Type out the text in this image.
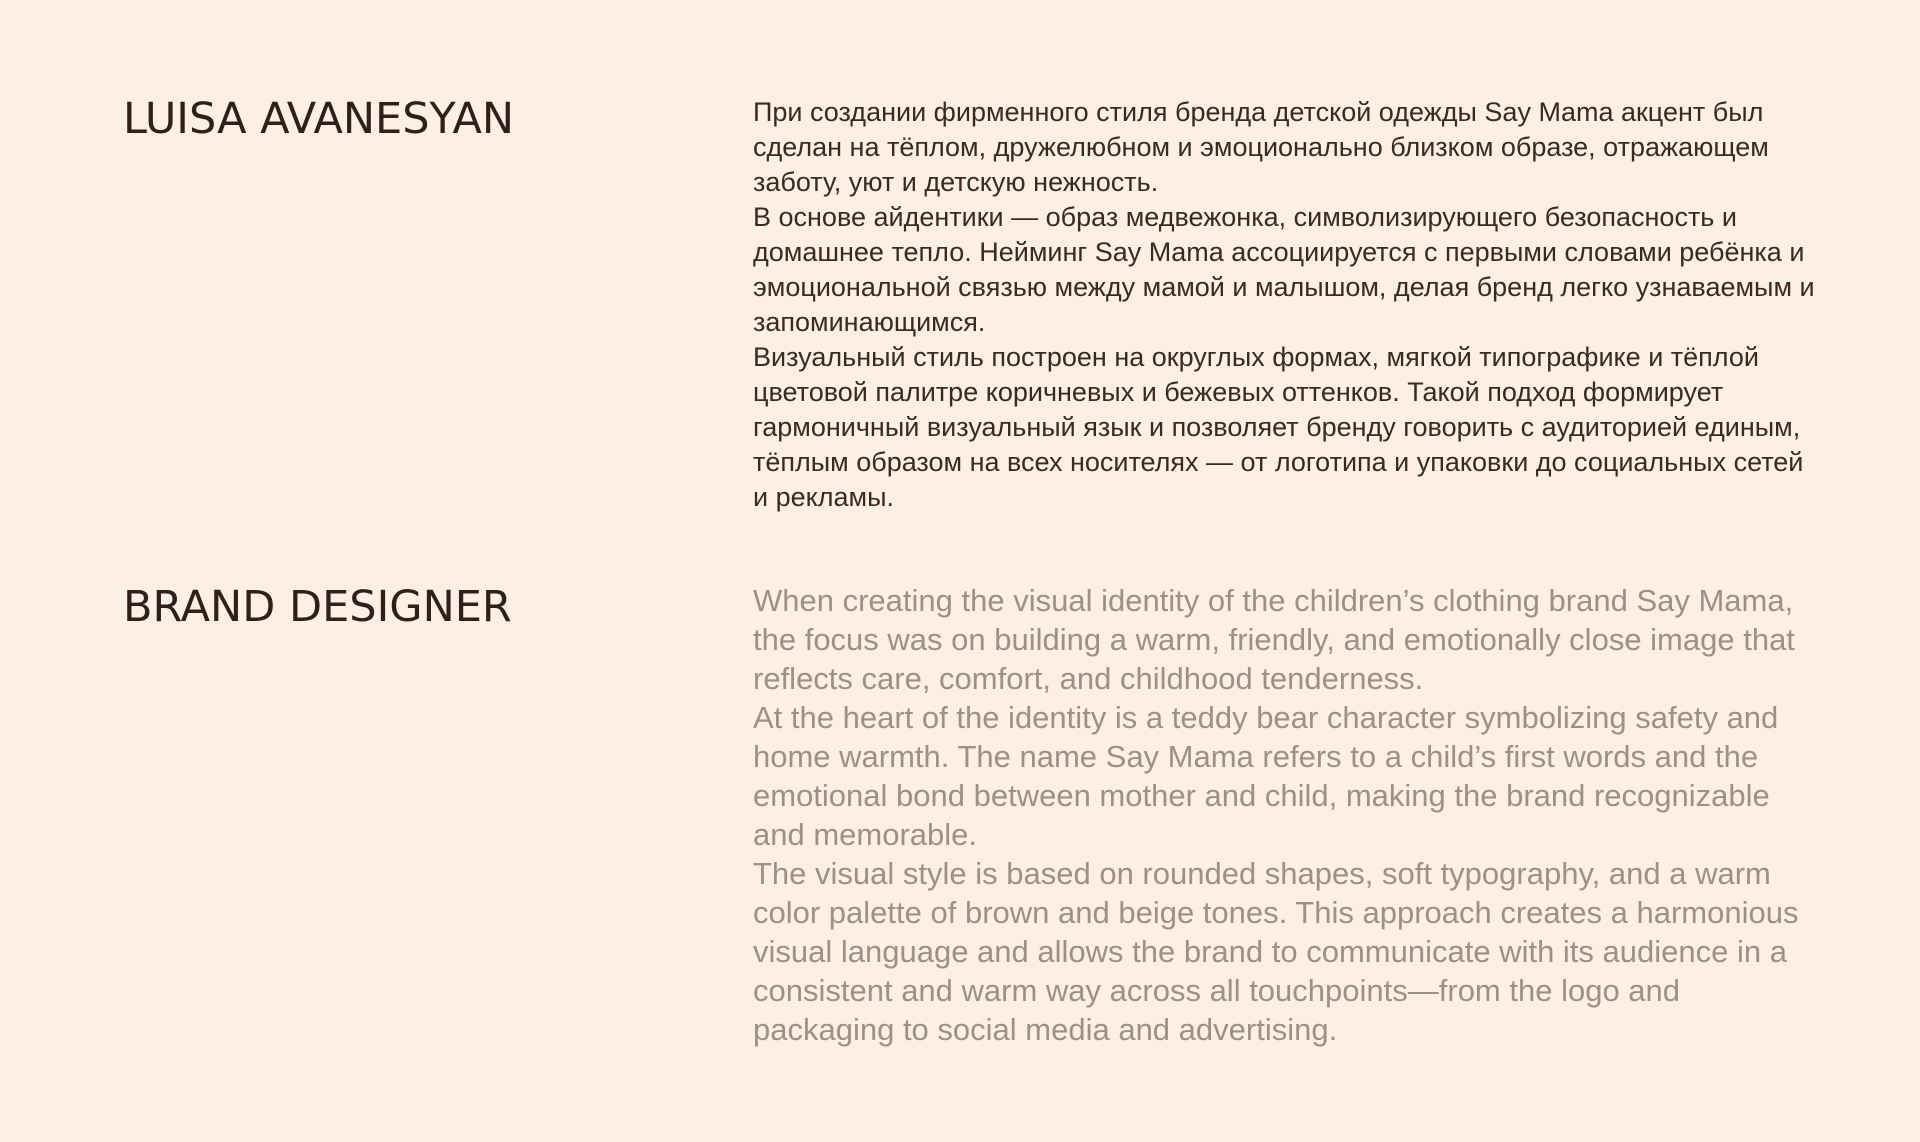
LUISA AVANESYAN	При создании фирменного стиля бренда детской одежды Say Mama акцент был сделан на тёплом, дружелюбном и эмоционально близком образе, отражающем заботу, уют и детскую нежность.

В основе айдентики — образ медвежонка, символизирующего безопасность и домашнее тепло. Нейминг Say Mama ассоциируется с первыми словами ребёнка и эмоциональной связью между мамой и малышом, делая бренд легко узнаваемым и запоминающимся.

Визуальный стиль построен на округлых формах, мягкой типографике и тёплой цветовой палитре коричневых и бежевых оттенков. Такой подход формирует гармоничный визуальный язык и позволяет бренду говорить с аудиторией единым, тёплым образом на всех носителях — от логотипа и упаковки до социальных сетей и рекламы.

BRAND DESIGNER	When creating the visual identity of the children’s clothing brand Say Mama, the focus was on building a warm, friendly, and emotionally close image that reflects care, comfort, and childhood tenderness.

At the heart of the identity is a teddy bear character symbolizing safety and home warmth. The name Say Mama refers to a child’s first words and the emotional bond between mother and child, making the brand recognizable and memorable.

The visual style is based on rounded shapes, soft typography, and a warm color palette of brown and beige tones. This approach creates a harmonious visual language and allows the brand to communicate with its audience in a consistent and warm way across all touchpoints—from the logo and packaging to social media and advertising.
